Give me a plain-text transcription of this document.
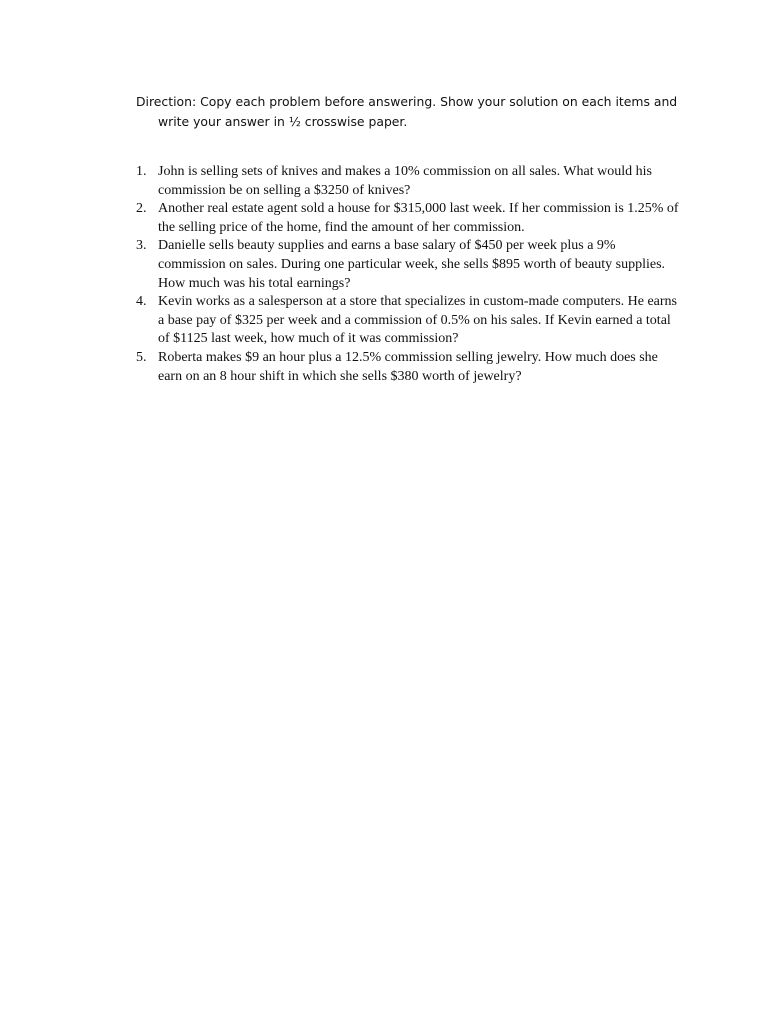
Direction: Copy each problem before answering. Show your solution on each items and write your answer in ½ crosswise paper.

1. John is selling sets of knives and makes a 10% commission on all sales. What would his commission be on selling a $3250 of knives?
2. Another real estate agent sold a house for $315,000 last week. If her commission is 1.25% of the selling price of the home, find the amount of her commission.
3. Danielle sells beauty supplies and earns a base salary of $450 per week plus a 9% commission on sales. During one particular week, she sells $895 worth of beauty supplies. How much was his total earnings?
4. Kevin works as a salesperson at a store that specializes in custom-made computers. He earns a base pay of $325 per week and a commission of 0.5% on his sales. If Kevin earned a total of $1125 last week, how much of it was commission?
5. Roberta makes $9 an hour plus a 12.5% commission selling jewelry. How much does she earn on an 8 hour shift in which she sells $380 worth of jewelry?
